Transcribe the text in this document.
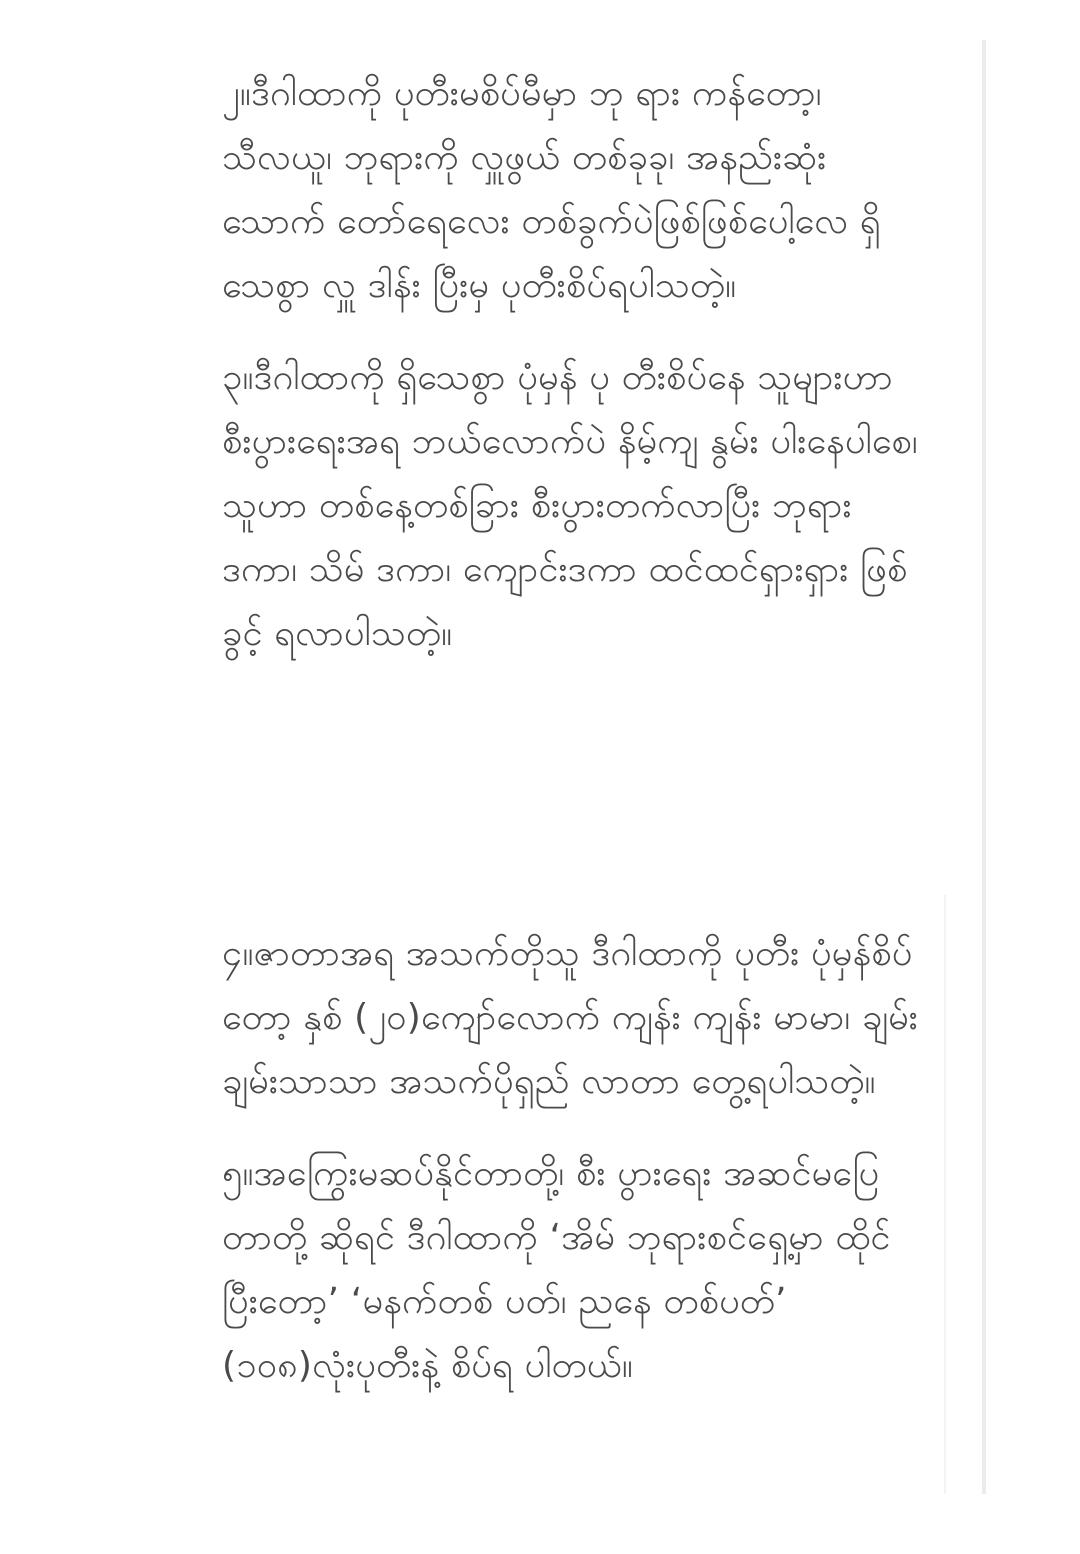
၂။ဒီဂါထာကို ပုတီးမစိပ်မီမှာ ဘု ရား ကန်တော့၊ သီလယူ၊ ဘုရားကို လှူဖွယ် တစ်ခုခု၊ အနည်းဆုံး သောက် တော်ရေလေး တစ်ခွက်ပဲဖြစ်ဖြစ်ပေါ့လေ ရှိသေစွာ လှူ ဒါန်း ပြီးမှ ပုတီးစိပ်ရပါသတဲ့။

၃။ဒီဂါထာကို ရှိသေစွာ ပုံမှန် ပု တီးစိပ်နေ သူများဟာ စီးပွားရေးအရ ဘယ်လောက်ပဲ နိမ့်ကျ နွမ်း ပါးနေပါစေ၊ သူဟာ တစ်နေ့တစ်ခြား စီးပွားတက်လာပြီး ဘုရားဒကာ၊ သိမ် ဒကာ၊ ကျောင်းဒကာ ထင်ထင်ရှားရှား ဖြစ်ခွင့် ရလာပါသတဲ့။

၄။ဇာတာအရ အသက်တိုသူ ဒီဂါထာကို ပုတီး ပုံမှန်စိပ်တော့ နှစ် (၂၀)ကျော်လောက် ကျန်း ကျန်း မာမာ၊ ချမ်းချမ်းသာသာ အသက်ပိုရှည် လာတာ တွေ့ရပါသတဲ့။

၅။အကြွေးမဆပ်နိုင်တာတို့၊ စီး ပွားရေး အဆင်မပြေတာတို့ ဆိုရင် ဒီဂါထာကို ‘အိမ် ဘုရားစင်ရှေ့မှာ ထိုင်ပြီးတော့’ ‘မနက်တစ် ပတ်၊ ညနေ တစ်ပတ်’ (၁၀၈)လုံးပုတီးနဲ့ စိပ်ရ ပါတယ်။
